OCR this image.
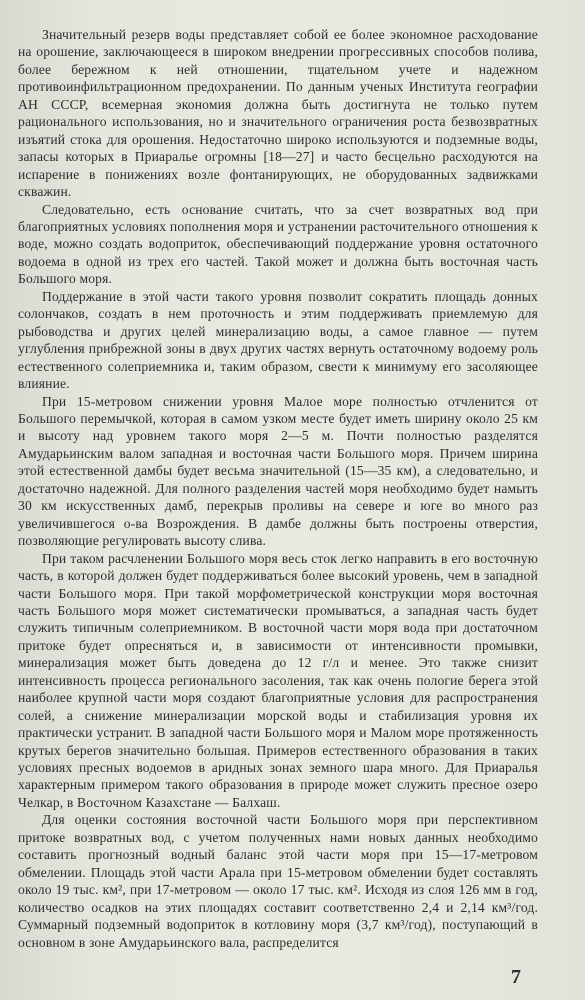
Значительный резерв воды представляет собой ее более экономное расходование на орошение, заключающееся в широком внедрении прогрессивных способов полива, более бережном к ней отношении, тщательном учете и надежном противоинфильтрационном предохранении. По данным ученых Института географии АН СССР, всемерная экономия должна быть достигнута не только путем рационального использования, но и значительного ограничения роста безвозвратных изъятий стока для орошения. Недостаточно широко используются и подземные воды, запасы которых в Приаралье огромны [18—27] и часто бесцельно расходуются на испарение в понижениях возле фонтанирующих, не оборудованных задвижками скважин.

Следовательно, есть основание считать, что за счет возвратных вод при благоприятных условиях пополнения моря и устранении расточительного отношения к воде, можно создать водоприток, обеспечивающий поддержание уровня остаточного водоема в одной из трех его частей. Такой может и должна быть восточная часть Большого моря.

Поддержание в этой части такого уровня позволит сократить площадь донных солончаков, создать в нем проточность и этим поддерживать приемлемую для рыбоводства и других целей минерализацию воды, а самое главное — путем углубления прибрежной зоны в двух других частях вернуть остаточному водоему роль естественного солеприемника и, таким образом, свести к минимуму его засоляющее влияние.

При 15-метровом снижении уровня Малое море полностью отчленится от Большого перемычкой, которая в самом узком месте будет иметь ширину около 25 км и высоту над уровнем такого моря 2—5 м. Почти полностью разделятся Амударьинским валом западная и восточная части Большого моря. Причем ширина этой естественной дамбы будет весьма значительной (15—35 км), а следовательно, и достаточно надежной. Для полного разделения частей моря необходимо будет намыть 30 км искусственных дамб, перекрыв проливы на севере и юге во много раз увеличившегося о-ва Возрождения. В дамбе должны быть построены отверстия, позволяющие регулировать высоту слива.

При таком расчленении Большого моря весь сток легко направить в его восточную часть, в которой должен будет поддерживаться более высокий уровень, чем в западной части Большого моря. При такой морфометрической конструкции моря восточная часть Большого моря может систематически промываться, а западная часть будет служить типичным солеприемником. В восточной части моря вода при достаточном притоке будет опресняться и, в зависимости от интенсивности промывки, минерализация может быть доведена до 12 г/л и менее. Это также снизит интенсивность процесса регионального засоления, так как очень пологие берега этой наиболее крупной части моря создают благоприятные условия для распространения солей, а снижение минерализации морской воды и стабилизация уровня их практически устранит. В западной части Большого моря и Малом море протяженность крутых берегов значительно большая. Примеров естественного образования в таких условиях пресных водоемов в аридных зонах земного шара много. Для Приаралья характерным примером такого образования в природе может служить пресное озеро Челкар, в Восточном Казахстане — Балхаш.

Для оценки состояния восточной части Большого моря при перспективном притоке возвратных вод, с учетом полученных нами новых данных необходимо составить прогнозный водный баланс этой части моря при 15—17-метровом обмелении. Площадь этой части Арала при 15-метровом обмелении будет составлять около 19 тыс. км², при 17-метровом — около 17 тыс. км². Исходя из слоя 126 мм в год, количество осадков на этих площадях составит соответственно 2,4 и 2,14 км³/год. Суммарный подземный водоприток в котловину моря (3,7 км³/год), поступающий в основном в зоне Амударьинского вала, распределится

7
